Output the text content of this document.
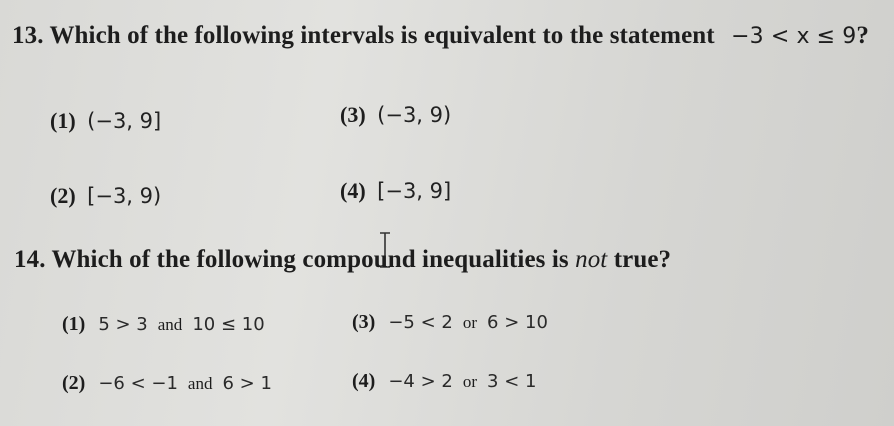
13. Which of the following intervals is equivalent to the statement −3 < x ≤ 9?
(1) (−3, 9]	(3) (−3, 9)
(2) [−3, 9)	(4) [−3, 9]
14. Which of the following compound inequalities is not true?
(1) 5 > 3 and 10 ≤ 10	(3) −5 < 2 or 6 > 10
(2) −6 < −1 and 6 > 1	(4) −4 > 2 or 3 < 1
